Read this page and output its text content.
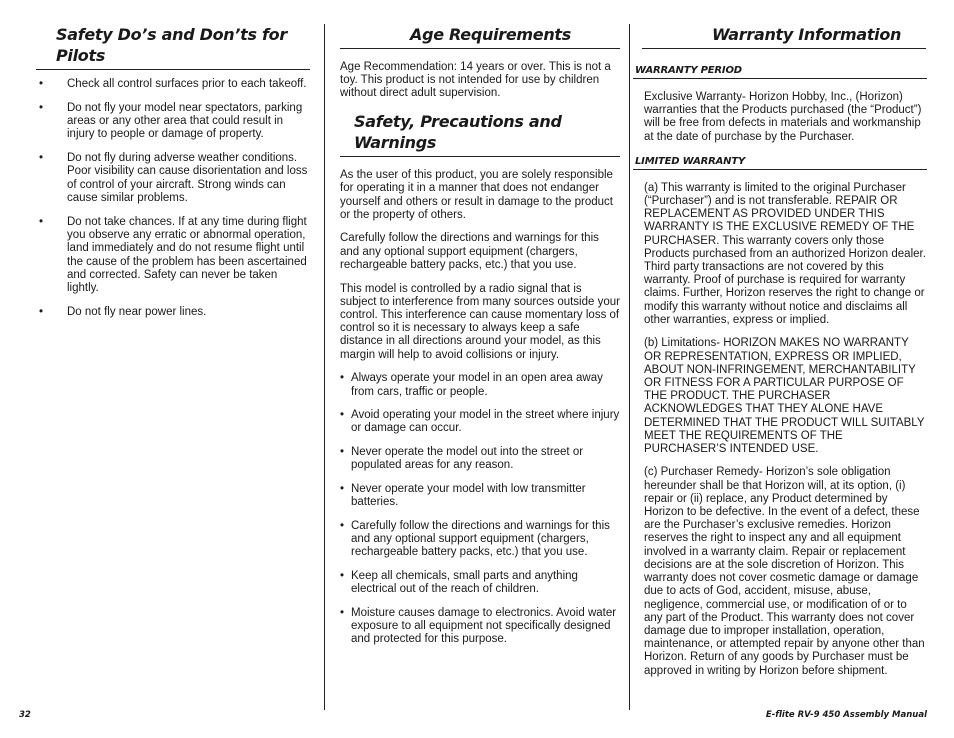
Safety Do’s and Don’ts for Pilots
• Check all control surfaces prior to each takeoff.
• Do not fly your model near spectators, parking areas or any other area that could result in injury to people or damage of property.
• Do not fly during adverse weather conditions. Poor visibility can cause disorientation and loss of control of your aircraft. Strong winds can cause similar problems.
• Do not take chances. If at any time during flight you observe any erratic or abnormal operation, land immediately and do not resume flight until the cause of the problem has been ascertained and corrected. Safety can never be taken lightly.
• Do not fly near power lines.
Age Requirements

Age Recommendation: 14 years or over. This is not a toy. This product is not intended for use by children without direct adult supervision.

Safety, Precautions and Warnings

As the user of this product, you are solely responsible for operating it in a manner that does not endanger yourself and others or result in damage to the product or the property of others.

Carefully follow the directions and warnings for this and any optional support equipment (chargers, rechargeable battery packs, etc.) that you use.

This model is controlled by a radio signal that is subject to interference from many sources outside your control. This interference can cause momentary loss of control so it is necessary to always keep a safe distance in all directions around your model, as this margin will help to avoid collisions or injury.

• Always operate your model in an open area away from cars, traffic or people.
• Avoid operating your model in the street where injury or damage can occur.
• Never operate the model out into the street or populated areas for any reason.
• Never operate your model with low transmitter batteries.
• Carefully follow the directions and warnings for this and any optional support equipment (chargers, rechargeable battery packs, etc.) that you use.
• Keep all chemicals, small parts and anything electrical out of the reach of children.
• Moisture causes damage to electronics. Avoid water exposure to all equipment not specifically designed and protected for this purpose.
Warranty Information
WARRANTY PERIOD

Exclusive Warranty- Horizon Hobby, Inc., (Horizon) warranties that the Products purchased (the “Product”) will be free from defects in materials and workmanship at the date of purchase by the Purchaser.

LIMITED WARRANTY

(a) This warranty is limited to the original Purchaser (“Purchaser”) and is not transferable. REPAIR OR REPLACEMENT AS PROVIDED UNDER THIS WARRANTY IS THE EXCLUSIVE REMEDY OF THE PURCHASER. This warranty covers only those Products purchased from an authorized Horizon dealer. Third party transactions are not covered by this warranty. Proof of purchase is required for warranty claims. Further, Horizon reserves the right to change or modify this warranty without notice and disclaims all other warranties, express or implied.

(b) Limitations- HORIZON MAKES NO WARRANTY OR REPRESENTATION, EXPRESS OR IMPLIED, ABOUT NON-INFRINGEMENT, MERCHANTABILITY OR FITNESS FOR A PARTICULAR PURPOSE OF THE PRODUCT. THE PURCHASER ACKNOWLEDGES THAT THEY ALONE HAVE DETERMINED THAT THE PRODUCT WILL SUITABLY MEET THE REQUIREMENTS OF THE PURCHASER’S INTENDED USE.

(c) Purchaser Remedy- Horizon’s sole obligation hereunder shall be that Horizon will, at its option, (i) repair or (ii) replace, any Product determined by Horizon to be defective. In the event of a defect, these are the Purchaser’s exclusive remedies. Horizon reserves the right to inspect any and all equipment involved in a warranty claim. Repair or replacement decisions are at the sole discretion of Horizon. This warranty does not cover cosmetic damage or damage due to acts of God, accident, misuse, abuse, negligence, commercial use, or modification of or to any part of the Product. This warranty does not cover damage due to improper installation, operation, maintenance, or attempted repair by anyone other than Horizon. Return of any goods by Purchaser must be approved in writing by Horizon before shipment.

32	E-flite RV-9 450 Assembly Manual
